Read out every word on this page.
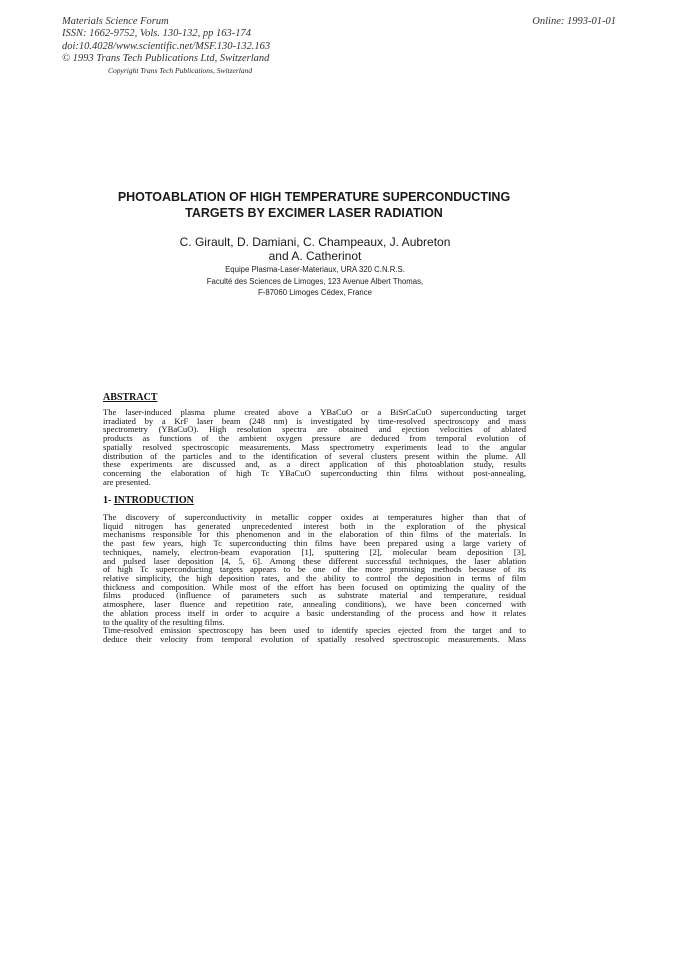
Materials Science Forum
ISSN: 1662-9752, Vols. 130-132, pp 163-174
doi:10.4028/www.scientific.net/MSF.130-132.163
© 1993 Trans Tech Publications Ltd, Switzerland
Copyright Trans Tech Publications, Switzerland
Online: 1993-01-01
PHOTOABLATION OF HIGH TEMPERATURE SUPERCONDUCTING
TARGETS BY EXCIMER LASER RADIATION
C. Girault, D. Damiani, C. Champeaux, J. Aubreton
and A. Catherinot
Equipe Plasma-Laser-Materiaux, URA 320 C.N.R.S.
Faculté des Sciences de Limoges, 123 Avenue Albert Thomas,
F-87060 Limoges Cédex, France
ABSTRACT
The laser-induced plasma plume created above a YBaCuO or a BiSrCaCuO superconducting target
irradiated by a KrF laser beam (248 nm) is investigated by time-resolved spectroscopy and mass
spectrometry (YBaCuO). High resolution spectra are obtained and ejection velocities of ablated
products as functions of the ambient oxygen pressure are deduced from temporal evolution of
spatially resolved spectroscopic measurements. Mass spectrometry experiments lead to the angular
distribution of the particles and to the identification of several clusters present within the plume. All
these experiments are discussed and, as a direct application of this photoablation study, results
concerning the elaboration of high Tc YBaCuO superconducting thin films without post-annealing,
are presented.
1- INTRODUCTION
The discovery of superconductivity in metallic copper oxides at temperatures higher than that of
liquid nitrogen has generated unprecedented interest both in the exploration of the physical
mechanisms responsible for this phenomenon and in the elaboration of thin films of the materials. In
the past few years, high Tc superconducting thin films have been prepared using a large variety of
techniques, namely, electron-beam evaporation [1], sputtering [2], molecular beam deposition [3],
and pulsed laser deposition [4, 5, 6]. Among these different successful techniques, the laser ablation
of high Tc superconducting targets appears to be one of the more promising methods because of its
relative simplicity, the high deposition rates, and the ability to control the deposition in terms of film
thickness and composition. While most of the effort has been focused on optimizing the quality of the
films produced (influence of parameters such as substrate material and temperature, residual
atmosphere, laser fluence and repetition rate, annealing conditions), we have been concerned with
the ablation process itself in order to acquire a basic understanding of the process and how it relates
to the quality of the resulting films.
Time-resolved emission spectroscopy has been used to identify species ejected from the target and to
deduce their velocity from temporal evolution of spatially resolved spectroscopic measurements. Mass
